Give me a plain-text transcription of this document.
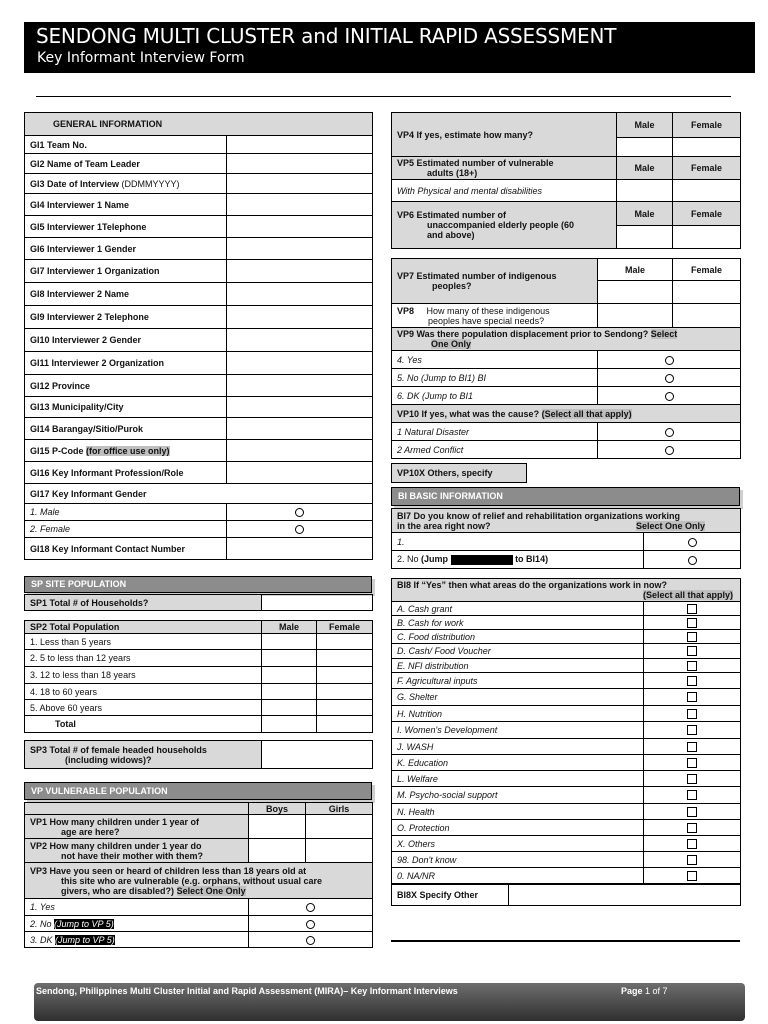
SENDONG MULTI CLUSTER and INITIAL RAPID ASSESSMENT
Key Informant Interview Form
GENERAL INFORMATION	
GI1 Team No.	
GI2 Name of Team Leader	
GI3 Date of Interview (DDMMYYYY)	
GI4 Interviewer 1 Name	
GI5 Interviewer 1Telephone	
GI6 Interviewer 1 Gender	
GI7 Interviewer 1 Organization	
GI8 Interviewer 2 Name	
GI9 Interviewer 2 Telephone	
GI10 Interviewer 2 Gender	
GI11 Interviewer 2 Organization	
GI12 Province	
GI13 Municipality/City	
GI14 Barangay/Sitio/Purok	
GI15 P-Code (for office use only)	
GI16 Key Informant Profession/Role	
GI17 Key Informant Gender	
1. Male	
2. Female	
GI18 Key Informant Contact Number	
SP SITE POPULATION
SP1 Total # of Households?	
SP2 Total Population	Male	Female
1. Less than 5 years		
2. 5 to less than 12 years		
3. 12 to less than 18 years		
4. 18 to 60 years		
5. Above 60 years		
Total		
SP3 Total # of female headed households
(including widows)?

VP VULNERABLE POPULATION
	Boys	Girls

VP1 How many children under 1 year of
age are here?		

VP2 How many children under 1 year do
not have their mother with them?		

VP3 Have you seen or heard of children less than 18 years old at
this site who are vulnerable (e.g. orphans, without usual care
givers, who are disabled?) Select One Only		

1. Yes		
2. No (Jump to VP 5)		
3. DK (Jump to VP 5)		
VP4 If yes, estimate how many?	Male	Female

VP5 Estimated number of vulnerable
adults (18+)	Male	Female
With Physical and mental disabilities		

VP6 Estimated number of
unaccompanied elderly people (60
and above)	Male	Female

VP7 Estimated number of indigenous
peoples?	Male	Female

VP8     How many of these indigenous
peoples have special needs?		

VP9 Was there population displacement prior to Sendong? Select
One Only		

4. Yes		
5. No (Jump to BI1) BI		
6. DK (Jump to BI1		
VP10 If yes, what was the cause? (Select all that apply)		
1 Natural Disaster		
2 Armed Conflict		
VP10X Others, specify
BI BASIC INFORMATION
BI7 Do you know of relief and rehabilitation organizations working
in the area right now? Select One Only	

1.	
2. No (Jump to BI14)	
BI8 If “Yes” then what areas do the organizations work in now?
(Select all that apply)	

A. Cash grant	
B. Cash for work	
C. Food distribution	
D. Cash/ Food Voucher	
E. NFI distribution	
F. Agricultural inputs	
G. Shelter	
H. Nutrition	
I. Women's Development	
J. WASH	
K. Education	
L. Welfare	
M. Psycho-social support	
N. Health	
O. Protection	
X. Others	
98. Don't know	
0. NA/NR	
BI8X Specify Other	
Sendong, Philippines Multi Cluster Initial and Rapid Assessment (MIRA)– Key Informant Interviews	Page 1 of 7
